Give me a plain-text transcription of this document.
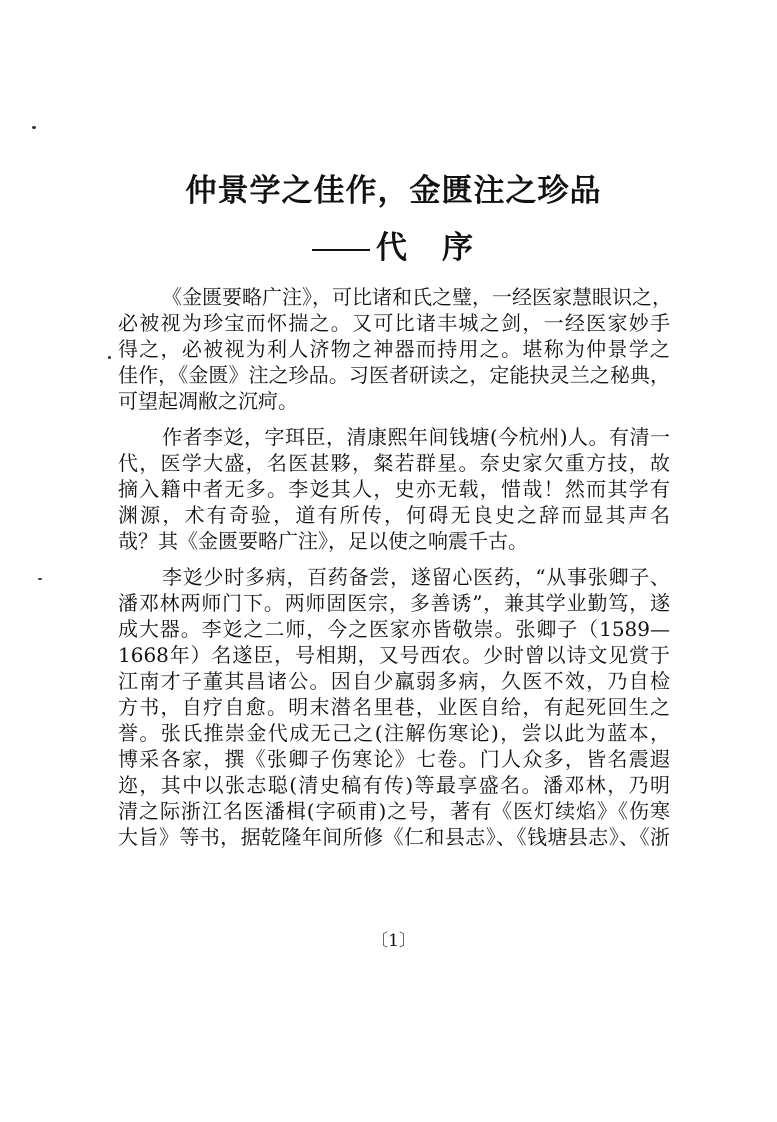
仲景学之佳作，金匮注之珍品
代　序
《金匮要略广注》，可比诸和氏之璧，一经医家慧眼识之，
必被视为珍宝而怀揣之。又可比诸丰城之剑，一经医家妙手
得之，必被视为利人济物之神器而持用之。堪称为仲景学之
佳作，《金匮》注之珍品。习医者研读之，定能抉灵兰之秘典，
可望起凋敝之沉疴。
作者李彣，字珥臣，清康熙年间钱塘(今杭州)人。有清一
代，医学大盛，名医甚夥，粲若群星。奈史家欠重方技，故
摘入籍中者无多。李彣其人，史亦无载，惜哉！然而其学有
渊源，术有奇验，道有所传，何碍无良史之辞而显其声名
哉？其《金匮要略广注》，足以使之响震千古。
李彣少时多病，百药备尝，遂留心医药，“从事张卿子、
潘邓林两师门下。两师固医宗，多善诱”，兼其学业勤笃，遂
成大器。李彣之二师，今之医家亦皆敬崇。张卿子（1589—
1668年）名遂臣，号相期，又号西农。少时曾以诗文见赏于
江南才子董其昌诸公。因自少羸弱多病，久医不效，乃自检
方书，自疗自愈。明末潜名里巷，业医自给，有起死回生之
誉。张氏推崇金代成无己之(注解伤寒论)，尝以此为蓝本，
博采各家，撰《张卿子伤寒论》七卷。门人众多，皆名震遐
迩，其中以张志聪(清史稿有传)等最享盛名。潘邓林，乃明
清之际浙江名医潘楫(字硕甫)之号，著有《医灯续焰》《伤寒
大旨》等书，据乾隆年间所修《仁和县志》、《钱塘县志》、《浙
〔1〕
